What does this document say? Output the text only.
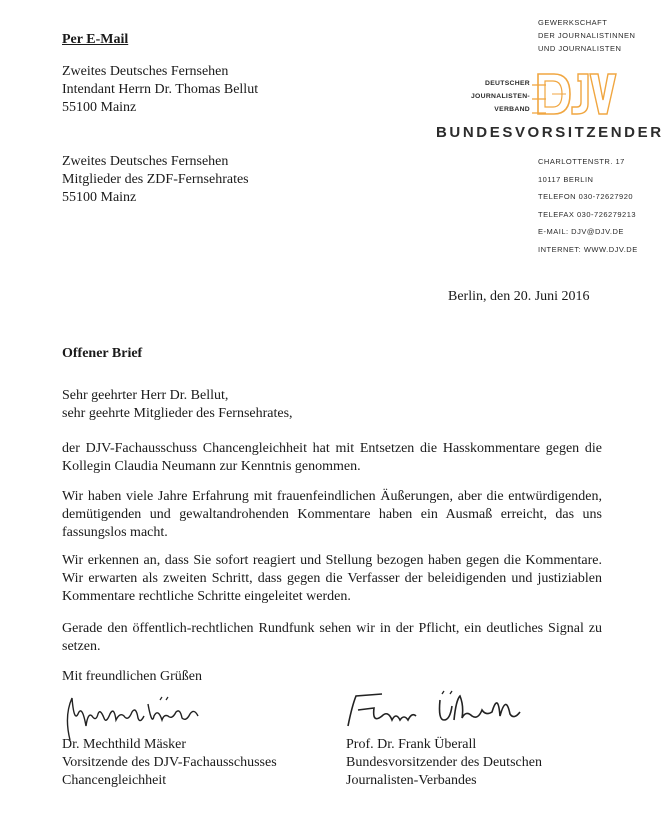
Per E-Mail
Zweites Deutsches Fernsehen
Intendant Herrn Dr. Thomas Bellut
55100 Mainz
Zweites Deutsches Fernsehen
Mitglieder des ZDF-Fernsehrates
55100 Mainz
GEWERKSCHAFT
DER JOURNALISTINNEN
UND JOURNALISTEN
DEUTSCHER
JOURNALISTEN-
VERBAND
BUNDESVORSITZENDER
CHARLOTTENSTR. 17
10117 BERLIN
TELEFON 030-72627920
TELEFAX 030-726279213
E-MAIL: DJV@DJV.DE
INTERNET: WWW.DJV.DE
Berlin, den 20. Juni 2016
Offener Brief

Sehr geehrter Herr Dr. Bellut,

sehr geehrte Mitglieder des Fernsehrates,

der DJV-Fachausschuss Chancengleichheit hat mit Entsetzen die Hasskommentare gegen die Kollegin Claudia Neumann zur Kenntnis genommen.

Wir haben viele Jahre Erfahrung mit frauenfeindlichen Äußerungen, aber die entwürdigenden, demütigenden und gewaltandrohenden Kommentare haben ein Ausmaß erreicht, das uns fassungslos macht.

Wir erkennen an, dass Sie sofort reagiert und Stellung bezogen haben gegen die Kommentare. Wir erwarten als zweiten Schritt, dass gegen die Verfasser der beleidigenden und justiziablen Kommentare rechtliche Schritte eingeleitet werden.

Gerade den öffentlich-rechtlichen Rundfunk sehen wir in der Pflicht, ein deutliches Signal zu setzen.

Mit freundlichen Grüßen
Dr. Mechthild Mäsker
Vorsitzende des DJV-Fachausschusses
Chancengleichheit
Prof. Dr. Frank Überall
Bundesvorsitzender des Deutschen
Journalisten-Verbandes
